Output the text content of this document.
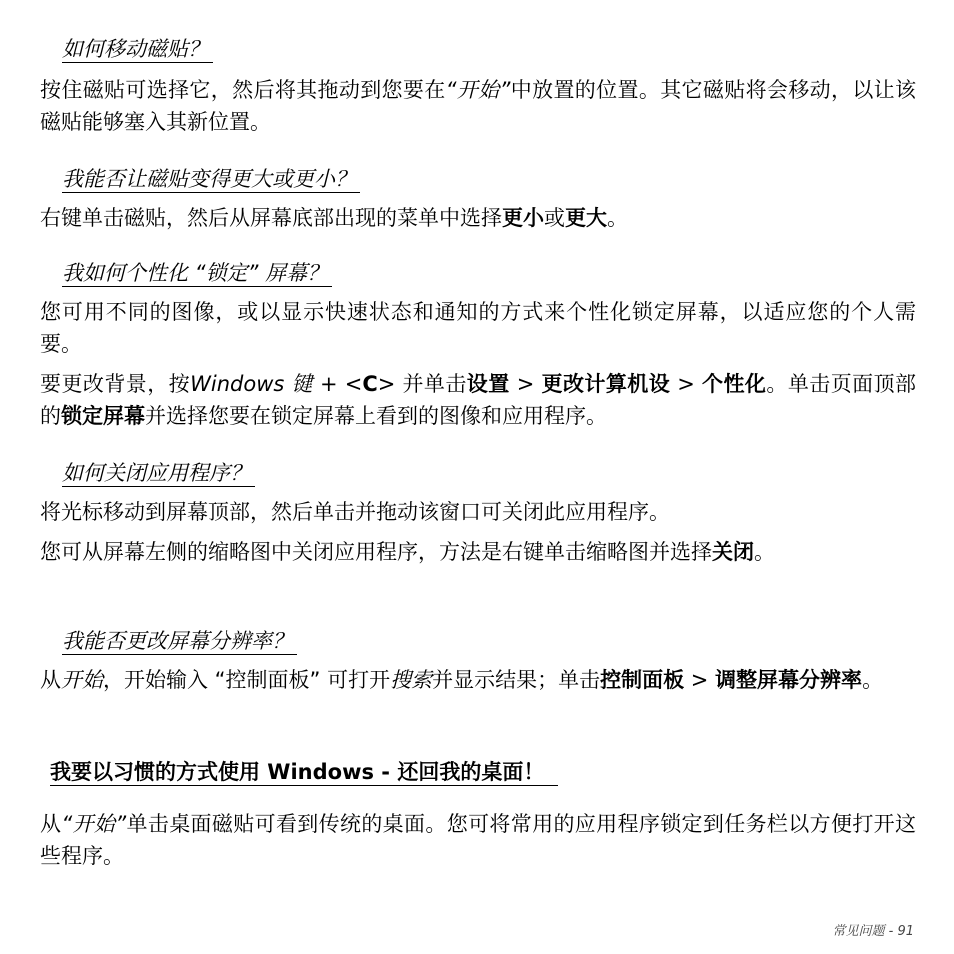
如何移动磁贴？
按住磁贴可选择它，然后将其拖动到您要在“开始”中放置的位置。其它磁贴将会移动，以让该磁贴能够塞入其新位置。
我能否让磁贴变得更大或更小？
右键单击磁贴，然后从屏幕底部出现的菜单中选择更小或更大。
我如何个性化 “锁定” 屏幕？
您可用不同的图像，或以显示快速状态和通知的方式来个性化锁定屏幕，以适应您的个人需要。
要更改背景，按Windows 键 + <C> 并单击设置 > 更改计算机设 > 个性化。单击页面顶部的锁定屏幕并选择您要在锁定屏幕上看到的图像和应用程序。
如何关闭应用程序？
将光标移动到屏幕顶部，然后单击并拖动该窗口可关闭此应用程序。
您可从屏幕左侧的缩略图中关闭应用程序，方法是右键单击缩略图并选择关闭。
我能否更改屏幕分辨率？
从开始，开始输入 “控制面板” 可打开搜索并显示结果；单击控制面板 > 调整屏幕分辨率。
我要以习惯的方式使用 Windows - 还回我的桌面！
从“开始”单击桌面磁贴可看到传统的桌面。您可将常用的应用程序锁定到任务栏以方便打开这些程序。
常见问题 - 91
